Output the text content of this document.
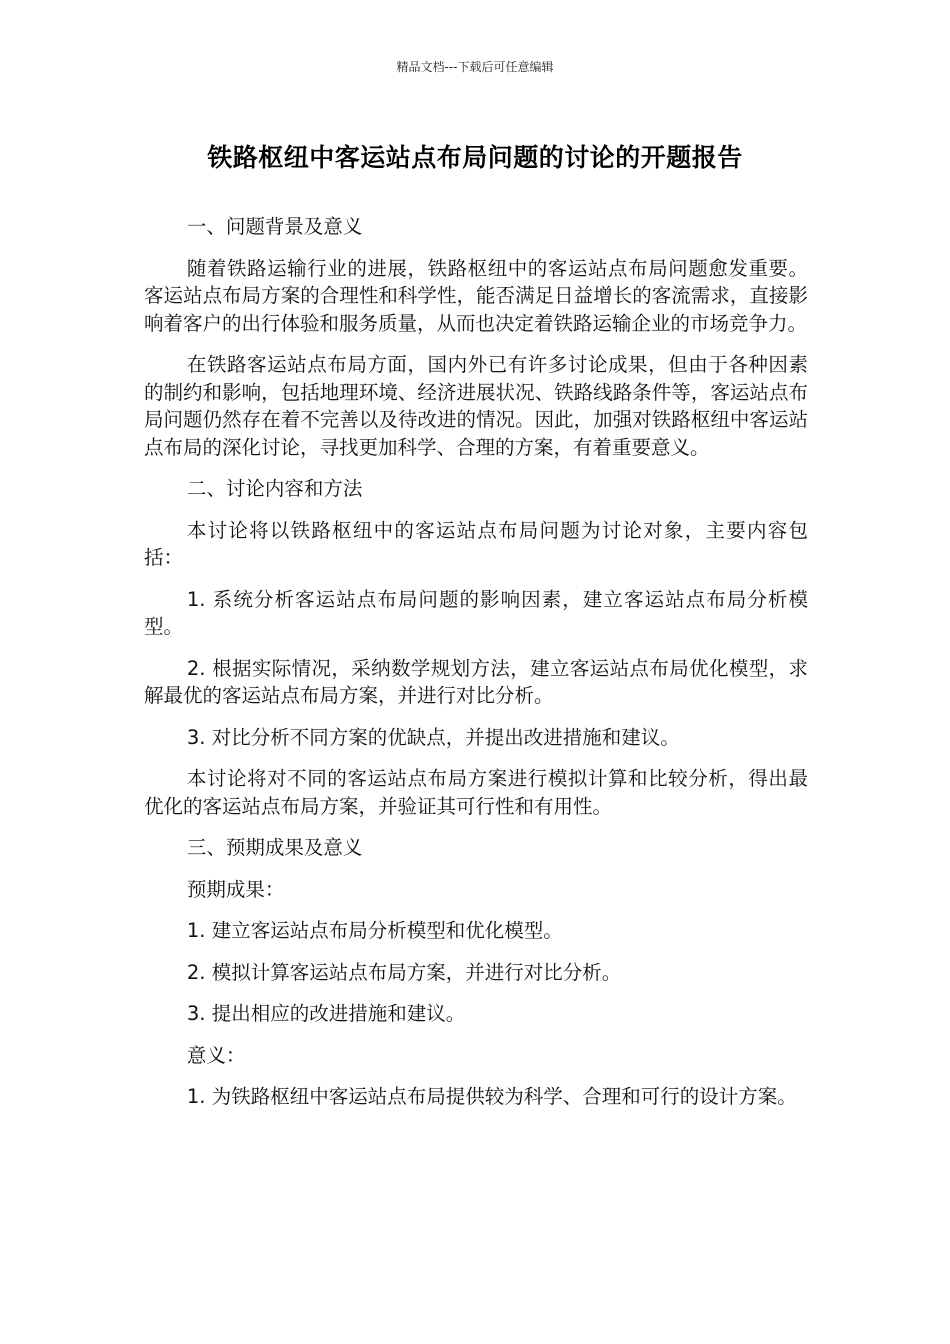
精品文档---下载后可任意编辑
铁路枢纽中客运站点布局问题的讨论的开题报告

一、问题背景及意义

随着铁路运输行业的进展，铁路枢纽中的客运站点布局问题愈发重要。客运站点布局方案的合理性和科学性，能否满足日益增长的客流需求，直接影响着客户的出行体验和服务质量，从而也决定着铁路运输企业的市场竞争力。

在铁路客运站点布局方面，国内外已有许多讨论成果，但由于各种因素的制约和影响，包括地理环境、经济进展状况、铁路线路条件等，客运站点布局问题仍然存在着不完善以及待改进的情况。因此，加强对铁路枢纽中客运站点布局的深化讨论，寻找更加科学、合理的方案，有着重要意义。

二、讨论内容和方法

本讨论将以铁路枢纽中的客运站点布局问题为讨论对象，主要内容包括：

1. 系统分析客运站点布局问题的影响因素，建立客运站点布局分析模型。

2. 根据实际情况，采纳数学规划方法，建立客运站点布局优化模型，求解最优的客运站点布局方案，并进行对比分析。

3. 对比分析不同方案的优缺点，并提出改进措施和建议。

本讨论将对不同的客运站点布局方案进行模拟计算和比较分析，得出最优化的客运站点布局方案，并验证其可行性和有用性。

三、预期成果及意义

预期成果：

1. 建立客运站点布局分析模型和优化模型。

2. 模拟计算客运站点布局方案，并进行对比分析。

3. 提出相应的改进措施和建议。

意义：

1. 为铁路枢纽中客运站点布局提供较为科学、合理和可行的设计方案。
